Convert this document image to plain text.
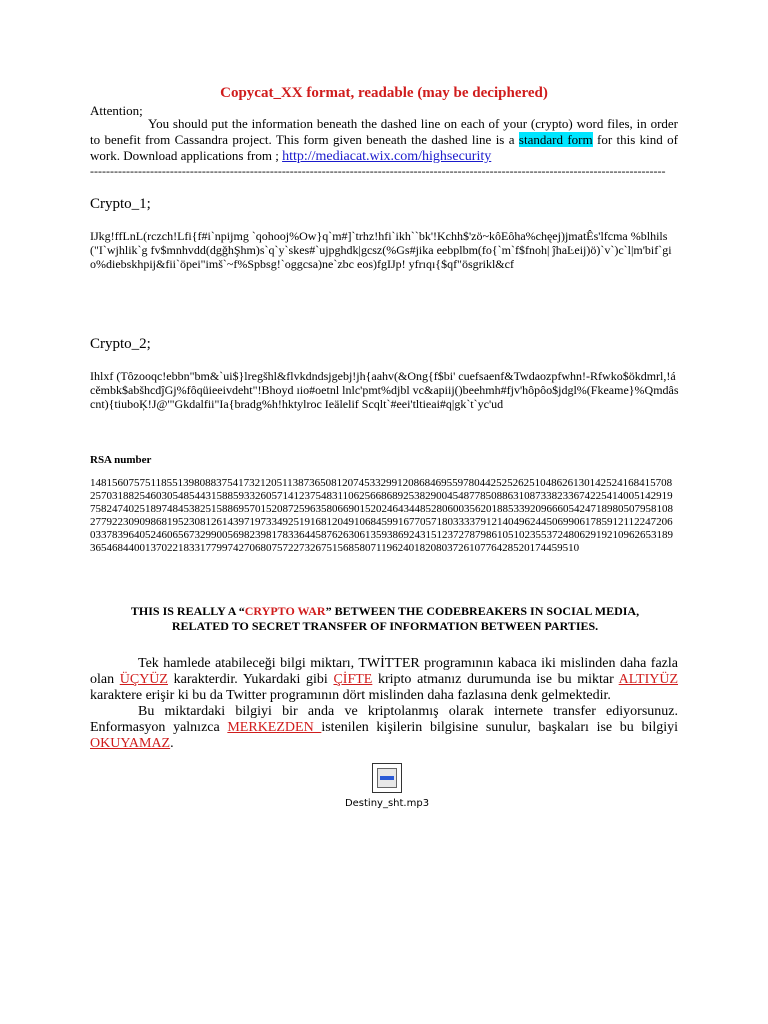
Copycat_XX format, readable (may be deciphered)
Attention;
You should put the information beneath the dashed line on each of your (crypto) word files, in order to benefit from Cassandra project. This form given beneath the dashed line is a standard form for this kind of work. Download applications from ; http://mediacat.wix.com/highsecurity
------------------------------------------------------------------------------------------------------------------------------------------------
Crypto_1;
IJkg!ffLnL(rczch!Lfi{f#i`npijmg `qohooj%Ow}q`m#]`trhz!hfi`ikh``bk'!Kchh$'zö~kôEôha%chęej)jmatÊs'lfcma %blhils("I`wjhlik`g fv$mnhvdd(dgǧhŞhm)s`q`y`skes#`ujpghdk|gcsz(%Gs#jika eebplbm(fo{`m`f$fnoh| ĵhaĿeij)ö)`v`)c`l|m'bif`gio%diebskhpij&fii`öpei"imš`~f%Spbsg!`oggcsa)ne`zbc eos)fgIJp! yfrıqı{$qf"ösgrikl&cf
Crypto_2;
Ihlxf (Tôzooqc!ebbn"bm&`ui$}lregšhl&flvkdndsjgebj!jh{aahv(&Ong{f$bi' cuefsaenf&Twdaozpfwhn!-Rfwko$ökdmrl,!ácěmbk$abšhcdĵGj%fôqüieeivdeht"!Bhoyd ıio#oetnl lnlc'pmt%djbl vc&apiij()beehmh#fjv'hôpôo$jdgl%(Fkeame}%Qmdâscnt){tiuboĶ!J@'"Gkdalfii"Ia{bradg%h!hktylroc Ieälelif Scqlt`#eei'tltieai#q|gk`t`yc'ud
RSA number
1481560757511855139808837541732120511387365081207453329912086846955978044252526251048626130142524168415708257031882546030548544315885933260571412375483110625668689253829004548778508863108733823367422541400514291975824740251897484538251588695701520872596358066901520246434485280600356201885339209666054247189805079581082779223090986819523081261439719733492519168120491068459916770571803333791214049624450699061785912112247206033783964052460656732990056982398178336445876263061359386924315123727879861051023553724806291921096265318936546844001370221833177997427068075722732675156858071196240182080372610776428520174459510
THIS IS REALLY A “CRYPTO WAR” BETWEEN THE CODEBREAKERS IN SOCIAL MEDIA, RELATED TO SECRET TRANSFER OF INFORMATION BETWEEN PARTIES.
Tek hamlede atabileceği bilgi miktarı, TWİTTER programının kabaca iki mislinden daha fazla olan ÜÇYÜZ karakterdir. Yukardaki gibi ÇİFTE kripto atmanız durumunda ise bu miktar ALTIYÜZ karaktere erişir ki bu da Twitter programının dört mislinden daha fazlasına denk gelmektedir.
Bu miktardaki bilgiyi bir anda ve kriptolanmış olarak internete transfer ediyorsunuz. Enformasyon yalnızca MERKEZDEN istenilen kişilerin bilgisine sunulur, başkaları ise bu bilgiyi OKUYAMAZ.
Destiny_sht.mp3
